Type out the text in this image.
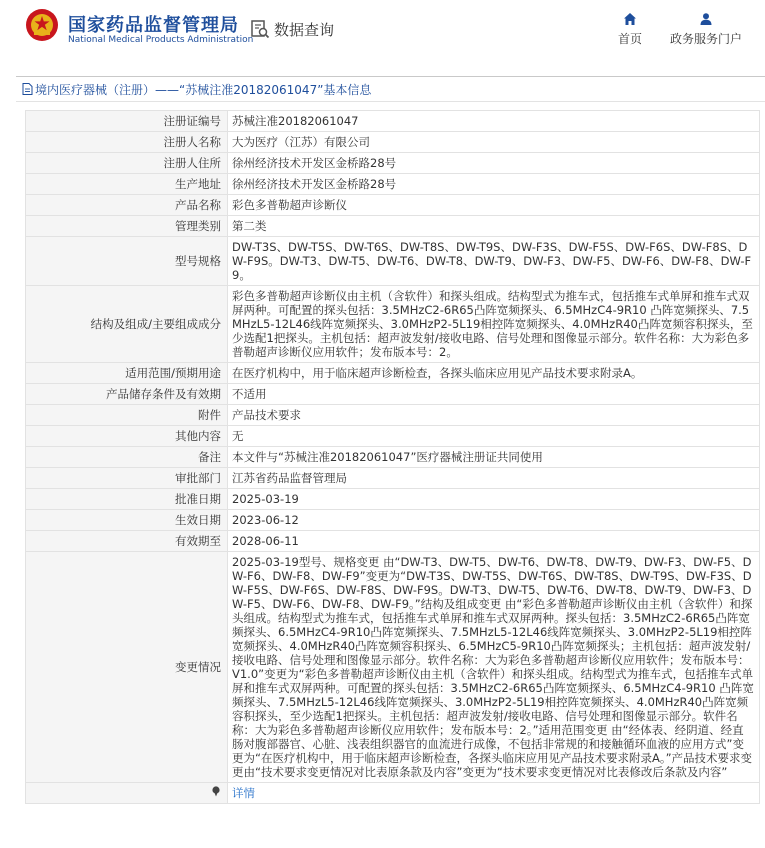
国家药品监督管理局
National Medical Products Administration
数据查询
首页	政务服务门户
境内医疗器械（注册）——“苏械注准20182061047”基本信息
注册证编号	苏械注准20182061047
注册人名称	大为医疗（江苏）有限公司
注册人住所	徐州经济技术开发区金桥路28号
生产地址	徐州经济技术开发区金桥路28号
产品名称	彩色多普勒超声诊断仪
管理类别	第二类
型号规格	DW-T3S、DW-T5S、DW-T6S、DW-T8S、DW-T9S、DW-F3S、DW-F5S、DW-F6S、DW-F8S、DW-F9S。DW-T3、DW-T5、DW-T6、DW-T8、DW-T9、DW-F3、DW-F5、DW-F6、DW-F8、DW-F9。
结构及组成/主要组成成分	彩色多普勒超声诊断仪由主机（含软件）和探头组成。结构型式为推车式，包括推车式单屏和推车式双屏两种。可配置的探头包括：3.5MHzC2-6R65凸阵宽频探头、6.5MHzC4-9R10 凸阵宽频探头、7.5MHzL5-12L46线阵宽频探头、3.0MHzP2-5L19相控阵宽频探头、4.0MHzR40凸阵宽频容积探头，至少选配1把探头。主机包括：超声波发射/接收电路、信号处理和图像显示部分。软件名称：大为彩色多普勒超声诊断仪应用软件；发布版本号：2。
适用范围/预期用途	在医疗机构中，用于临床超声诊断检查，各探头临床应用见产品技术要求附录A。
产品储存条件及有效期	不适用
附件	产品技术要求
其他内容	无
备注	本文件与“苏械注准20182061047”医疗器械注册证共同使用
审批部门	江苏省药品监督管理局
批准日期	2025-03-19
生效日期	2023-06-12
有效期至	2028-06-11
变更情况	2025-03-19型号、规格变更 由“DW-T3、DW-T5、DW-T6、DW-T8、DW-T9、DW-F3、DW-F5、DW-F6、DW-F8、DW-F9”变更为“DW-T3S、DW-T5S、DW-T6S、DW-T8S、DW-T9S、DW-F3S、DW-F5S、DW-F6S、DW-F8S、DW-F9S。DW-T3、DW-T5、DW-T6、DW-T8、DW-T9、DW-F3、DW-F5、DW-F6、DW-F8、DW-F9。”结构及组成变更 由“彩色多普勒超声诊断仪由主机（含软件）和探头组成。结构型式为推车式，包括推车式单屏和推车式双屏两种。探头包括：3.5MHzC2-6R65凸阵宽频探头、6.5MHzC4-9R10凸阵宽频探头、7.5MHzL5-12L46线阵宽频探头、3.0MHzP2-5L19相控阵宽频探头、4.0MHzR40凸阵宽频容积探头、6.5MHzC5-9R10凸阵宽频探头；主机包括：超声波发射/接收电路、信号处理和图像显示部分。软件名称：大为彩色多普勒超声诊断仪应用软件；发布版本号：V1.0”变更为“彩色多普勒超声诊断仪由主机（含软件）和探头组成。结构型式为推车式，包括推车式单屏和推车式双屏两种。可配置的探头包括：3.5MHzC2-6R65凸阵宽频探头、6.5MHzC4-9R10 凸阵宽频探头、7.5MHzL5-12L46线阵宽频探头、3.0MHzP2-5L19相控阵宽频探头、4.0MHzR40凸阵宽频容积探头，至少选配1把探头。主机包括：超声波发射/接收电路、信号处理和图像显示部分。软件名称：大为彩色多普勒超声诊断仪应用软件；发布版本号：2。”适用范围变更 由“经体表、经阴道、经直肠对腹部器官、心脏、浅表组织器官的血流进行成像，不包括非常规的和接触循环血液的应用方式”变更为“在医疗机构中，用于临床超声诊断检查，各探头临床应用见产品技术要求附录A。”产品技术要求变更由“技术要求变更情况对比表原条款及内容”变更为“技术要求变更情况对比表修改后条款及内容”
	详情
